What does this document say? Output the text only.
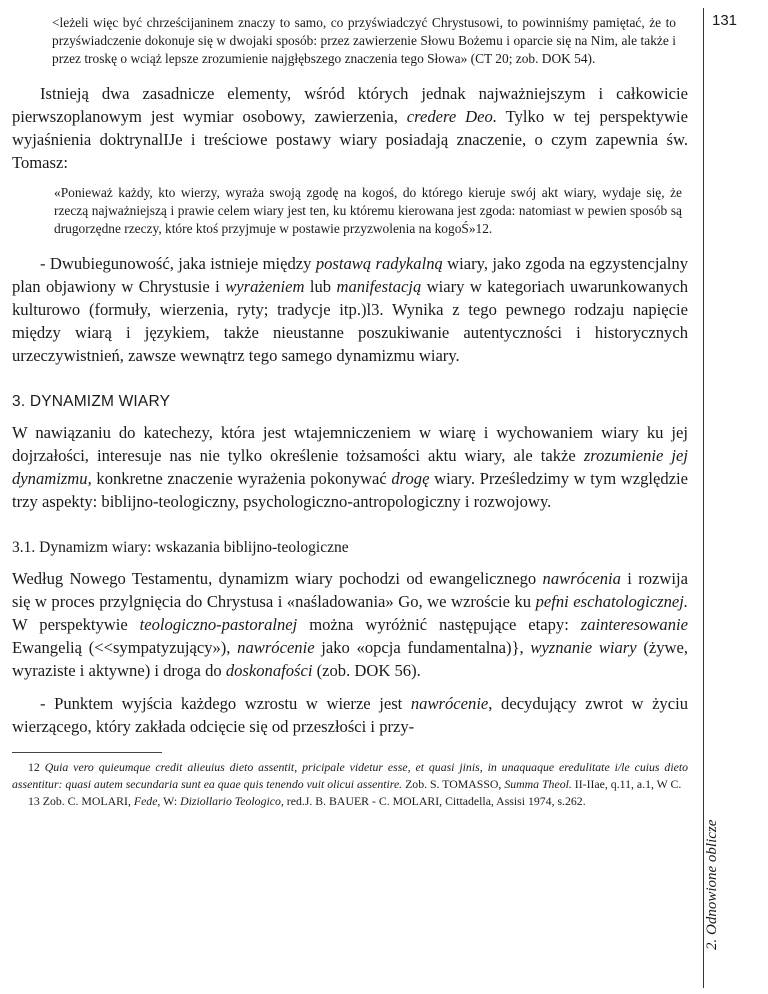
131
2. Odnowione oblicze

<leżeli więc być chrześcijaninem znaczy to samo, co przyświadczyć Chrystusowi, to powinniśmy pamiętać, że to przyświadczenie dokonuje się w dwojaki sposób: przez zawierzenie Słowu Bożemu i oparcie się na Nim, ale także i przez troskę o wciąż lepsze zrozumienie najgłębszego znaczenia tego Słowa» (CT 20; zob. DOK 54).

Istnieją dwa zasadnicze elementy, wśród których jednak najważniejszym i całkowicie pierwszoplanowym jest wymiar osobowy, zawierzenia, credere Deo. Tylko w tej perspektywie wyjaśnienia doktrynalIJe i treściowe postawy wiary posiadają znaczenie, o czym zapewnia św. Tomasz:

«Ponieważ każdy, kto wierzy, wyraża swoją zgodę na kogoś, do którego kieruje swój akt wiary, wydaje się, że rzeczą najważniejszą i prawie celem wiary jest ten, ku któremu kierowana jest zgoda: natomiast w pewien sposób są drugorzędne rzeczy, które ktoś przyjmuje w postawie przyzwolenia na kogoŚ»12.

- Dwubiegunowość, jaka istnieje między postawą radykalną wiary, jako zgoda na egzystencjalny plan objawiony w Chrystusie i wyrażeniem lub manifestacją wiary w kategoriach uwarunkowanych kulturowo (formuły, wierzenia, ryty; tradycje itp.)l3. Wynika z tego pewnego rodzaju napięcie między wiarą i językiem, także nieustanne poszukiwanie autentyczności i historycznych urzeczywistnień, zawsze wewnątrz tego samego dynamizmu wiary.

3. DYNAMIZM WIARY

W nawiązaniu do katechezy, która jest wtajemniczeniem w wiarę i wychowaniem wiary ku jej dojrzałości, interesuje nas nie tylko określenie tożsamości aktu wiary, ale także zrozumienie jej dynamizmu, konkretne znaczenie wyrażenia pokonywać drogę wiary. Prześledzimy w tym względzie trzy aspekty: biblijno-teologiczny, psychologiczno-antropologiczny i rozwojowy.

3.1. Dynamizm wiary: wskazania biblijno-teologiczne

Według Nowego Testamentu, dynamizm wiary pochodzi od ewangelicznego nawrócenia i rozwija się w proces przylgnięcia do Chrystusa i «naśladowania» Go, we wzroście ku pefni eschatologicznej. W perspektywie teologiczno-pastoralnej można wyróżnić następujące etapy: zainteresowanie Ewangelią (<<sympatyzujący»), nawrócenie jako «opcja fundamentalna)}, wyznanie wiary (żywe, wyraziste i aktywne) i droga do doskonafości (zob. DOK 56).

- Punktem wyjścia każdego wzrostu w wierze jest nawrócenie, decydujący zwrot w życiu wierzącego, który zakłada odcięcie się od przeszłości i przy-

12 Quia vero quieumque credit alieuius dieto assentit, pricipale videtur esse, et quasi jinis, in unaquaque eredulitate i/le cuius dieto assentitur: quasi autem secundaria sunt ea quae quis tenendo vuit olicui assentire. Zob. S. TOMASSO, Summa Theol. II-IIae, q.11, a.1, W C.

13 Zob. C. MOLARI, Fede, W: Diziollario Teologico, red.J. B. BAUER - C. MOLARI, Cittadella, Assisi 1974, s.262.
